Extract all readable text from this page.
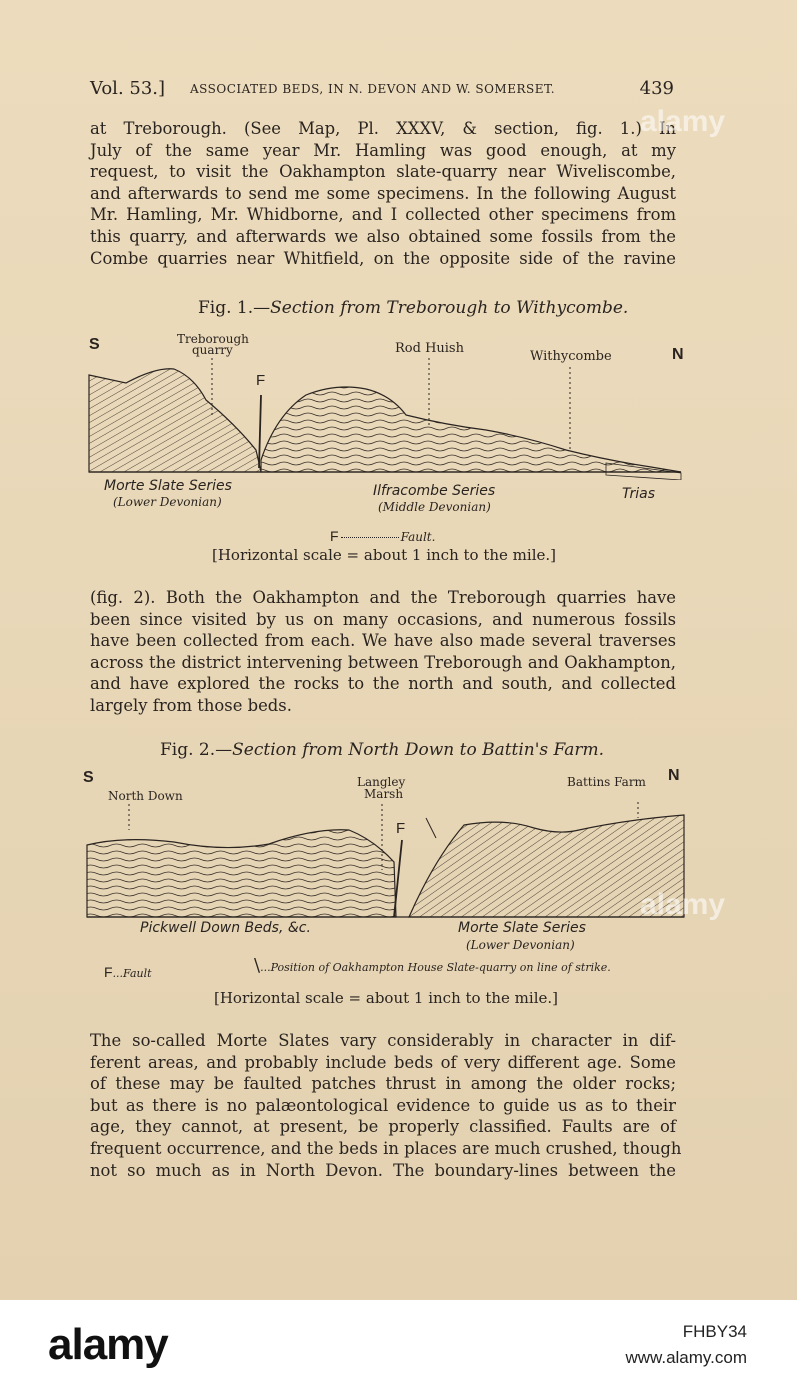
Vol. 53.] ASSOCIATED BEDS, IN N. DEVON AND W. SOMERSET.	439
at Treborough. (See Map, Pl. XXXV, & section, fig. 1.) In
July of the same year Mr. Hamling was good enough, at my
request, to visit the Oakhampton slate-quarry near Wiveliscombe,
and afterwards to send me some specimens. In the following August
Mr. Hamling, Mr. Whidborne, and I collected other specimens from
this quarry, and afterwards we also obtained some fossils from the
Combe quarries near Whitfield, on the opposite side of the ravine
Fig. 1.—Section from Treborough to Withycombe.
S
N
Treborough
quarry	Rod Huish
Withycombe
F
Morte Slate Series
(Lower Devonian)
Ilfracombe Series
(Middle Devonian)
Trias
F	Fault.
[Horizontal scale = about 1 inch to the mile.]
(fig. 2). Both the Oakhampton and the Treborough quarries have
been since visited by us on many occasions, and numerous fossils
have been collected from each. We have also made several traverses
across the district intervening between Treborough and Oakhampton,
and have explored the rocks to the north and south, and collected
largely from those beds.
Fig. 2.—Section from North Down to Battin's Farm.
S	N
North Down
Langley
Marsh
Battins Farm
F
Pickwell Down Beds, &c.	Morte Slate Series
(Lower Devonian)
F...Fault	\...Position of Oakhampton House Slate-quarry on line of strike.
[Horizontal scale = about 1 inch to the mile.]
The so-called Morte Slates vary considerably in character in dif-
ferent areas, and probably include beds of very different age. Some
of these may be faulted patches thrust in among the older rocks;
but as there is no palæontological evidence to guide us as to their
age, they cannot, at present, be properly classified. Faults are of
frequent occurrence, and the beds in places are much crushed, though
not so much as in North Devon. The boundary-lines between the
alamy
alamy
alamy	FHBY34
www.alamy.com
